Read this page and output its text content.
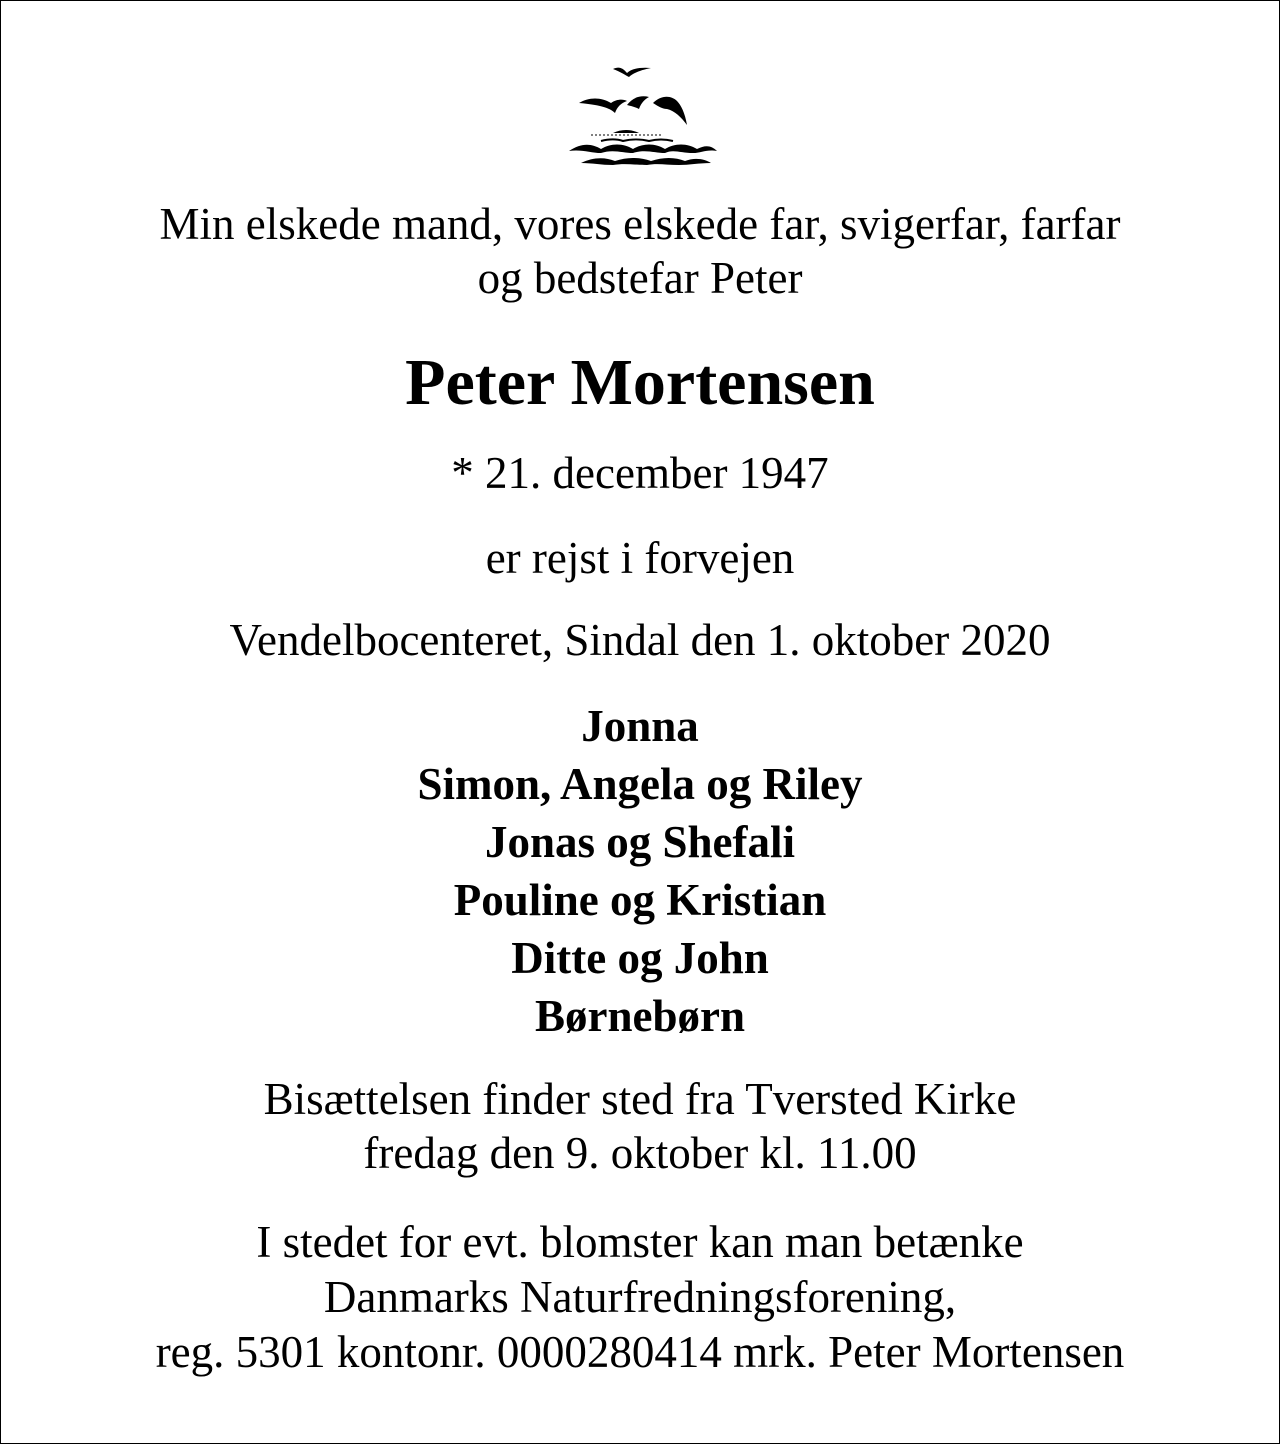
Min elskede mand, vores elskede far, svigerfar, farfar
og bedstefar Peter
Peter Mortensen
* 21. december 1947
er rejst i forvejen
Vendelbocenteret, Sindal den 1. oktober 2020
Jonna
Simon, Angela og Riley
Jonas og Shefali
Pouline og Kristian
Ditte og John
Børnebørn
Bisættelsen finder sted fra Tversted Kirke
fredag den 9. oktober kl. 11.00
I stedet for evt. blomster kan man betænke
Danmarks Naturfredningsforening,
reg. 5301 kontonr. 0000280414 mrk. Peter Mortensen
